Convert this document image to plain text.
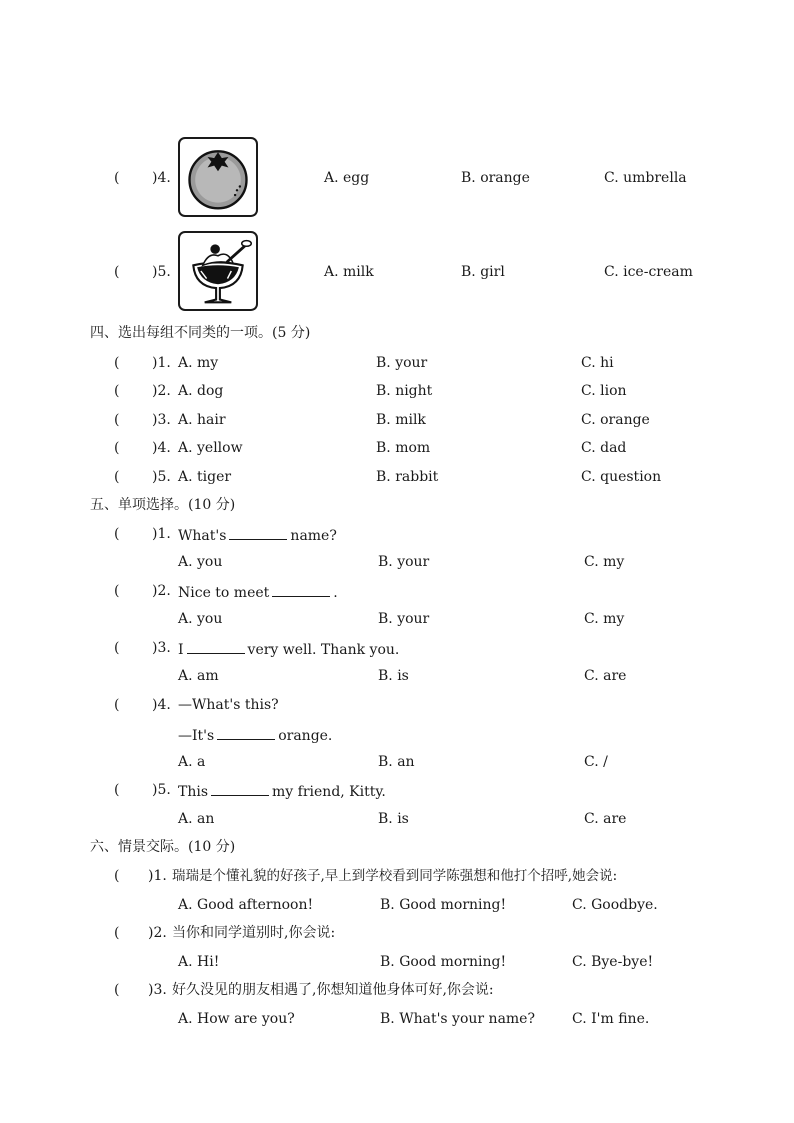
( )4.	A. egg	B. orange	C. umbrella
( )5.	A. milk	B. girl	C. ice-cream
四、选出每组不同类的一项。(5 分)
( )1. A. my	B. your	C. hi
( )2. A. dog	B. night	C. lion
( )3. A. hair	B. milk	C. orange
( )4. A. yellow	B. mom	C. dad
( )5. A. tiger	B. rabbit	C. question
五、单项选择。(10 分)
( )1. What's	name?
A. you	B. your	C. my
( )2. Nice to meet	.
A. you	B. your	C. my
( )3. I	very well. Thank you.
A. am	B. is	C. are
( )4. —What's this?
—It's	orange.
A. a	B. an	C. /
( )5. This	my friend, Kitty.
A. an	B. is	C. are
六、情景交际。(10 分)
( )1. 瑞瑞是个懂礼貌的好孩子,早上到学校看到同学陈强想和他打个招呼,她会说:
A. Good afternoon!	B. Good morning!	C. Goodbye.
( )2. 当你和同学道别时,你会说:
A. Hi!	B. Good morning!	C. Bye-bye!
( )3. 好久没见的朋友相遇了,你想知道他身体可好,你会说:
A. How are you?	B. What's your name?	C. I'm fine.
